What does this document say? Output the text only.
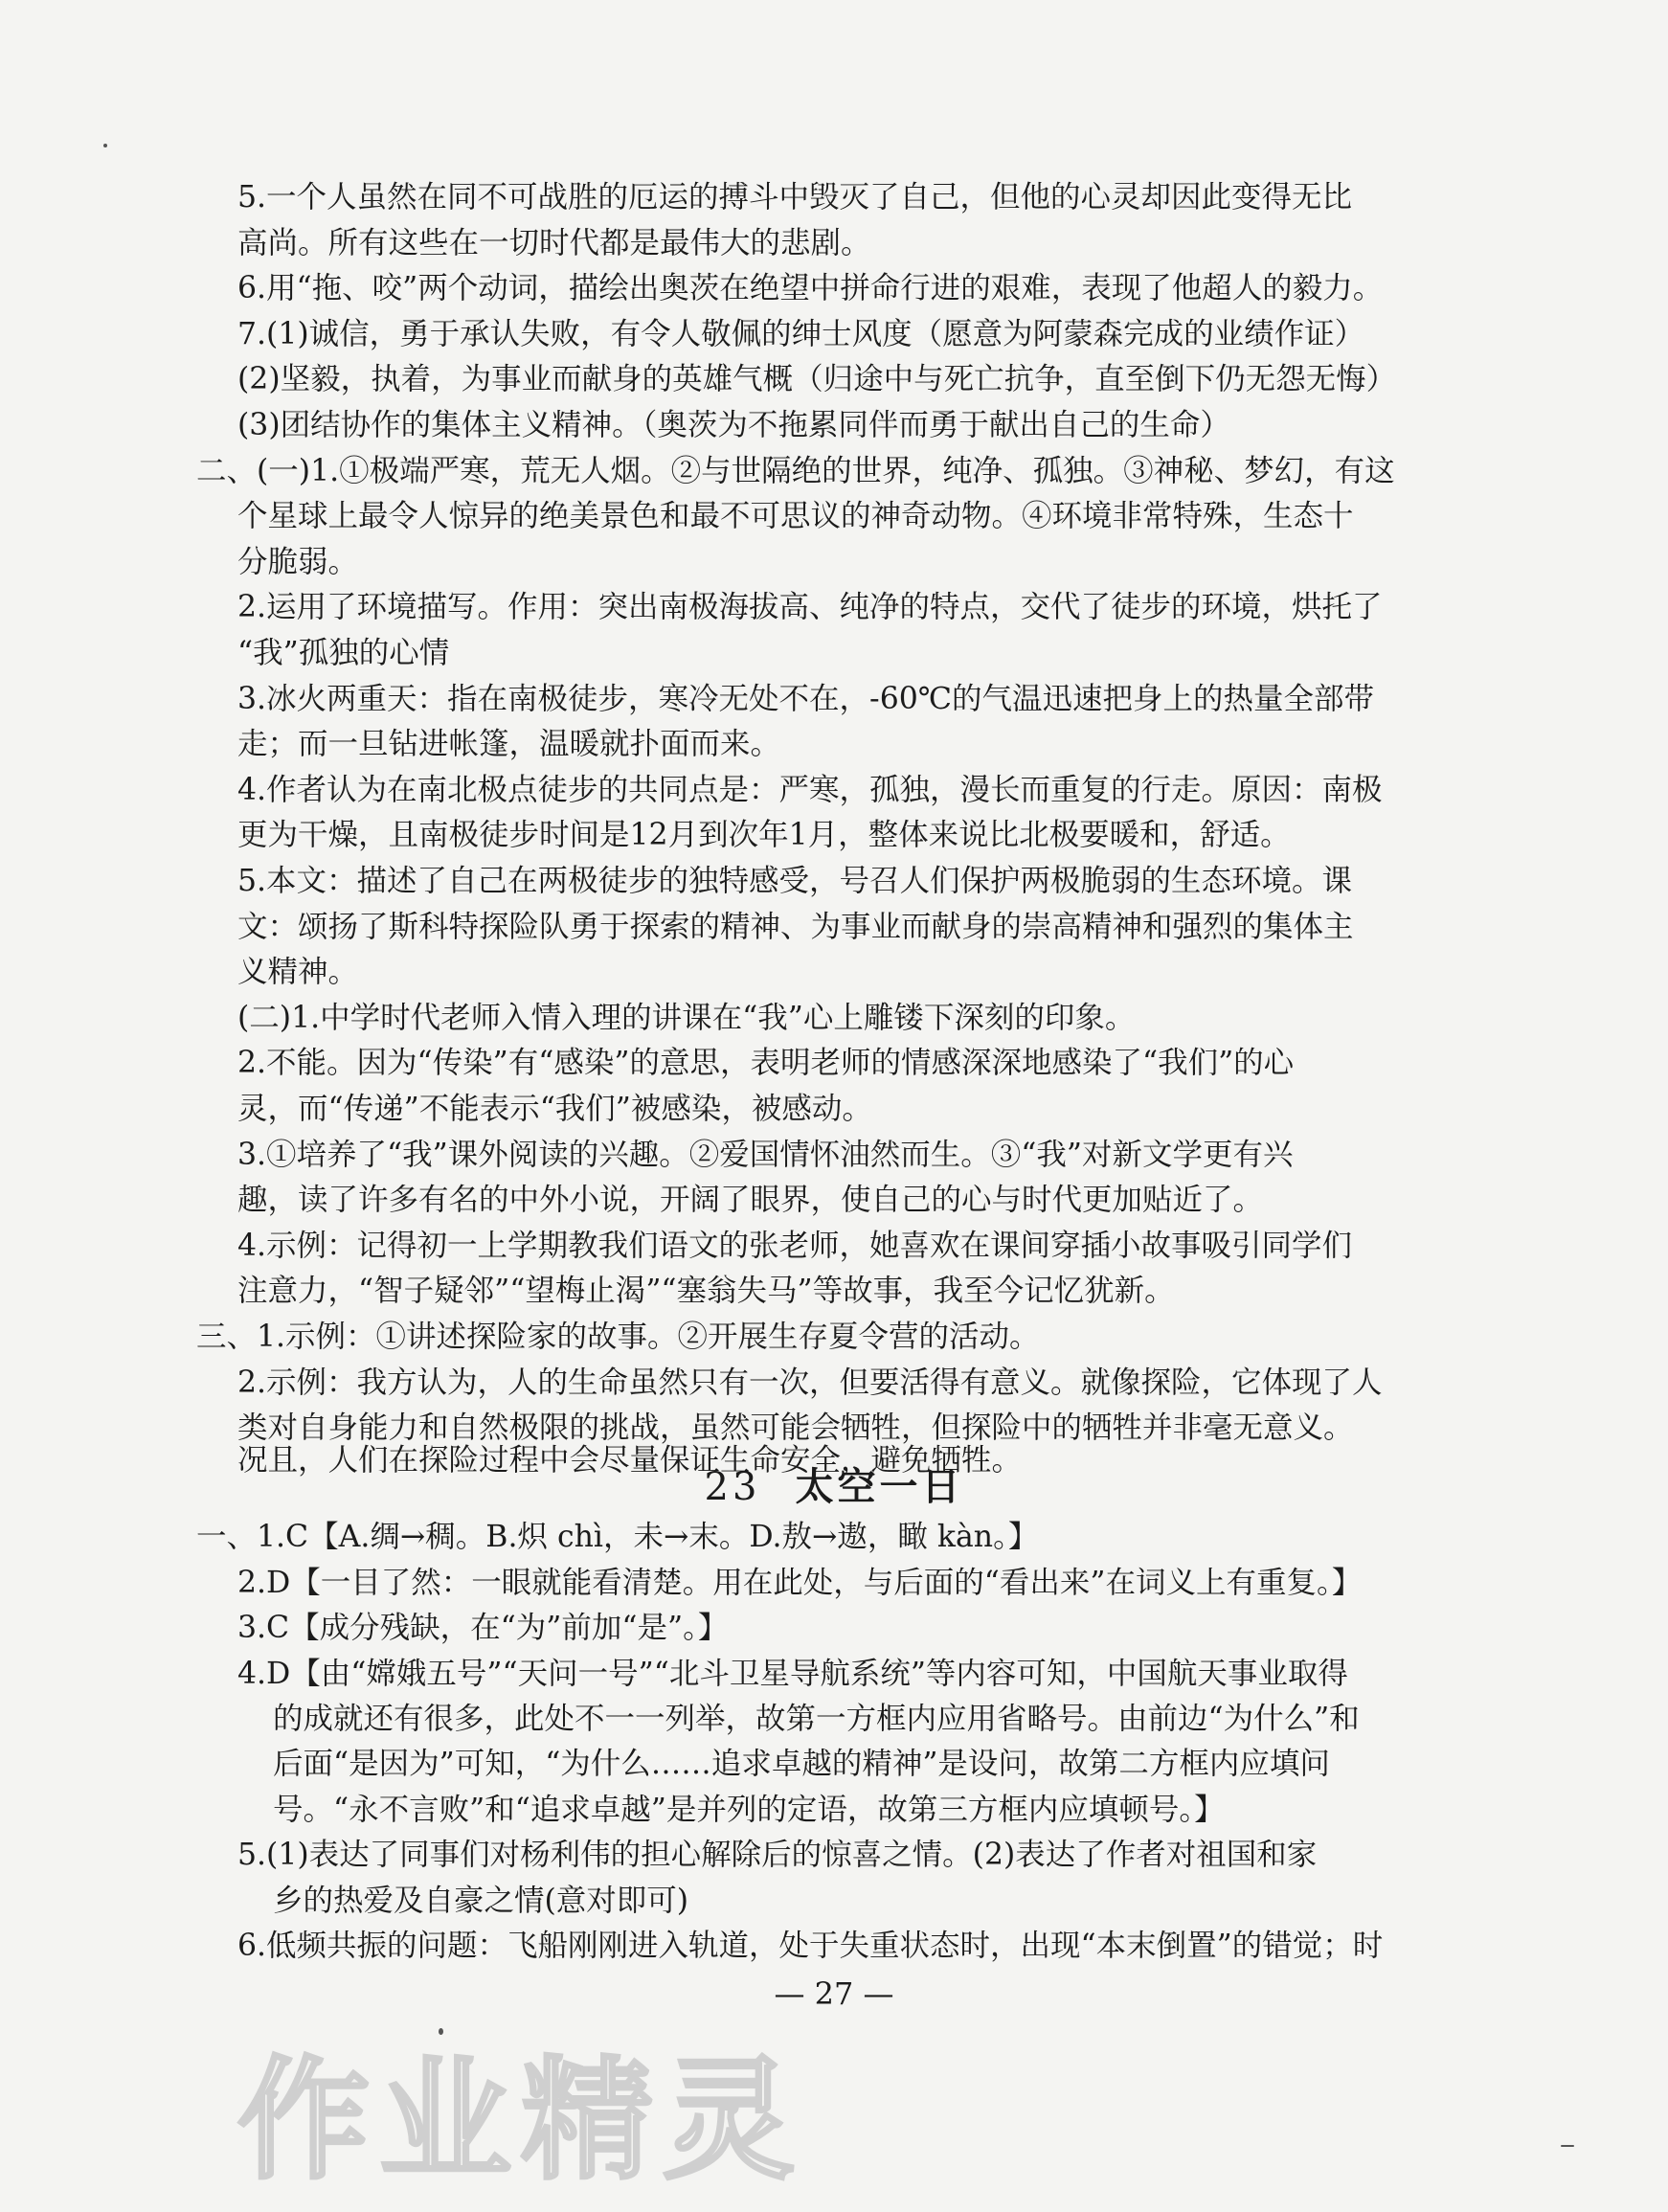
5.一个人虽然在同不可战胜的厄运的搏斗中毁灭了自己，但他的心灵却因此变得无比
高尚。所有这些在一切时代都是最伟大的悲剧。
6.用“拖、咬”两个动词，描绘出奥茨在绝望中拼命行进的艰难，表现了他超人的毅力。
7.(1)诚信，勇于承认失败，有令人敬佩的绅士风度（愿意为阿蒙森完成的业绩作证）
(2)坚毅，执着，为事业而献身的英雄气概（归途中与死亡抗争，直至倒下仍无怨无悔）
(3)团结协作的集体主义精神。（奥茨为不拖累同伴而勇于献出自己的生命）
二、(一)1.①极端严寒，荒无人烟。②与世隔绝的世界，纯净、孤独。③神秘、梦幻，有这
个星球上最令人惊异的绝美景色和最不可思议的神奇动物。④环境非常特殊，生态十
分脆弱。
2.运用了环境描写。作用：突出南极海拔高、纯净的特点，交代了徒步的环境，烘托了
“我”孤独的心情
3.冰火两重天：指在南极徒步，寒冷无处不在，-60℃的气温迅速把身上的热量全部带
走；而一旦钻进帐篷，温暖就扑面而来。
4.作者认为在南北极点徒步的共同点是：严寒，孤独，漫长而重复的行走。原因：南极
更为干燥，且南极徒步时间是12月到次年1月，整体来说比北极要暖和，舒适。
5.本文：描述了自己在两极徒步的独特感受，号召人们保护两极脆弱的生态环境。课
文：颂扬了斯科特探险队勇于探索的精神、为事业而献身的崇高精神和强烈的集体主
义精神。
(二)1.中学时代老师入情入理的讲课在“我”心上雕镂下深刻的印象。
2.不能。因为“传染”有“感染”的意思，表明老师的情感深深地感染了“我们”的心
灵，而“传递”不能表示“我们”被感染，被感动。
3.①培养了“我”课外阅读的兴趣。②爱国情怀油然而生。③“我”对新文学更有兴
趣，读了许多有名的中外小说，开阔了眼界，使自己的心与时代更加贴近了。
4.示例：记得初一上学期教我们语文的张老师，她喜欢在课间穿插小故事吸引同学们
注意力，“智子疑邻”“望梅止渴”“塞翁失马”等故事，我至今记忆犹新。
三、1.示例：①讲述探险家的故事。②开展生存夏令营的活动。
2.示例：我方认为，人的生命虽然只有一次，但要活得有意义。就像探险，它体现了人
类对自身能力和自然极限的挑战，虽然可能会牺牲，但探险中的牺牲并非毫无意义。
况且，人们在探险过程中会尽量保证生命安全，避免牺牲。
23 太空一日
一、1.C【A.绸→稠。B.炽 chì，未→末。D.敖→遨，瞰 kàn。】
2.D【一目了然：一眼就能看清楚。用在此处，与后面的“看出来”在词义上有重复。】
3.C【成分残缺，在“为”前加“是”。】
4.D【由“嫦娥五号”“天问一号”“北斗卫星导航系统”等内容可知，中国航天事业取得
的成就还有很多，此处不一一列举，故第一方框内应用省略号。由前边“为什么”和
后面“是因为”可知，“为什么……追求卓越的精神”是设问，故第二方框内应填问
号。“永不言败”和“追求卓越”是并列的定语，故第三方框内应填顿号。】
5.(1)表达了同事们对杨利伟的担心解除后的惊喜之情。(2)表达了作者对祖国和家
乡的热爱及自豪之情(意对即可)
6.低频共振的问题：飞船刚刚进入轨道，处于失重状态时，出现“本末倒置”的错觉；时
— 27 —
作业精灵
